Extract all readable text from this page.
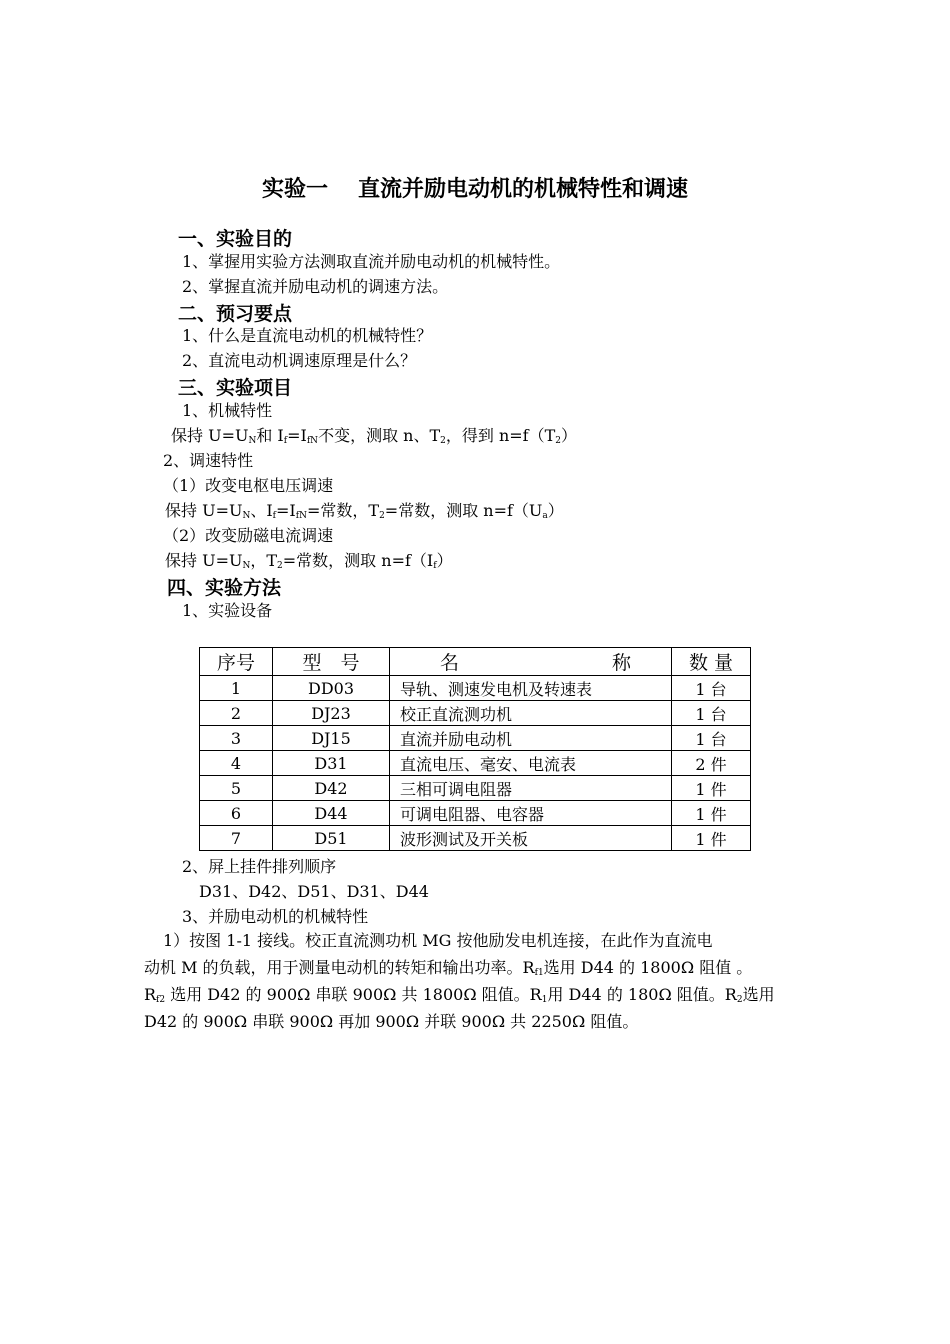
实验一 直流并励电动机的机械特性和调速
一、实验目的
1、掌握用实验方法测取直流并励电动机的机械特性。
2、掌握直流并励电动机的调速方法。
二、预习要点
1、什么是直流电动机的机械特性？
2、直流电动机调速原理是什么？
三、实验项目
1、机械特性
保持 $U=U_N$和 $I_f=I_{fN}$不变，测取 n、$T_2$，得到 $n=f(T_2)$
2、调速特性
（1）改变电枢电压调速
保持 $U=U_N$、$I_f=I_{fN}=$常数，$T_2=$常数，测取 $n=f(U_a)$
（2）改变励磁电流调速
保持 $U=U_N$，$T_2=$常数，测取 $n=f(I_f)$
四、实验方法
1、实验设备
序号	型　号	名 称	数 量
1	DD03	导轨、测速发电机及转速表	1 台
2	DJ23	校正直流测功机	1 台
3	DJ15	直流并励电动机	1 台
4	D31	直流电压、毫安、电流表	2 件
5	D42	三相可调电阻器	1 件
6	D44	可调电阻器、电容器	1 件
7	D51	波形测试及开关板	1 件
2、屏上挂件排列顺序
D31、D42、D51、D31、D44
3、并励电动机的机械特性
1）按图 1-1 接线。校正直流测功机 MG 按他励发电机连接，在此作为直流电
动机 M 的负载，用于测量电动机的转矩和输出功率。$R_{f1}$选用 D44 的 1800Ω 阻值 。
$R_{f2}$ 选用 D42 的 900Ω 串联 900Ω 共 1800Ω 阻值。$R_1$用 D44 的 180Ω 阻值。$R_2$选用
D42 的 900Ω 串联 900Ω 再加 900Ω 并联 900Ω 共 2250Ω 阻值。
